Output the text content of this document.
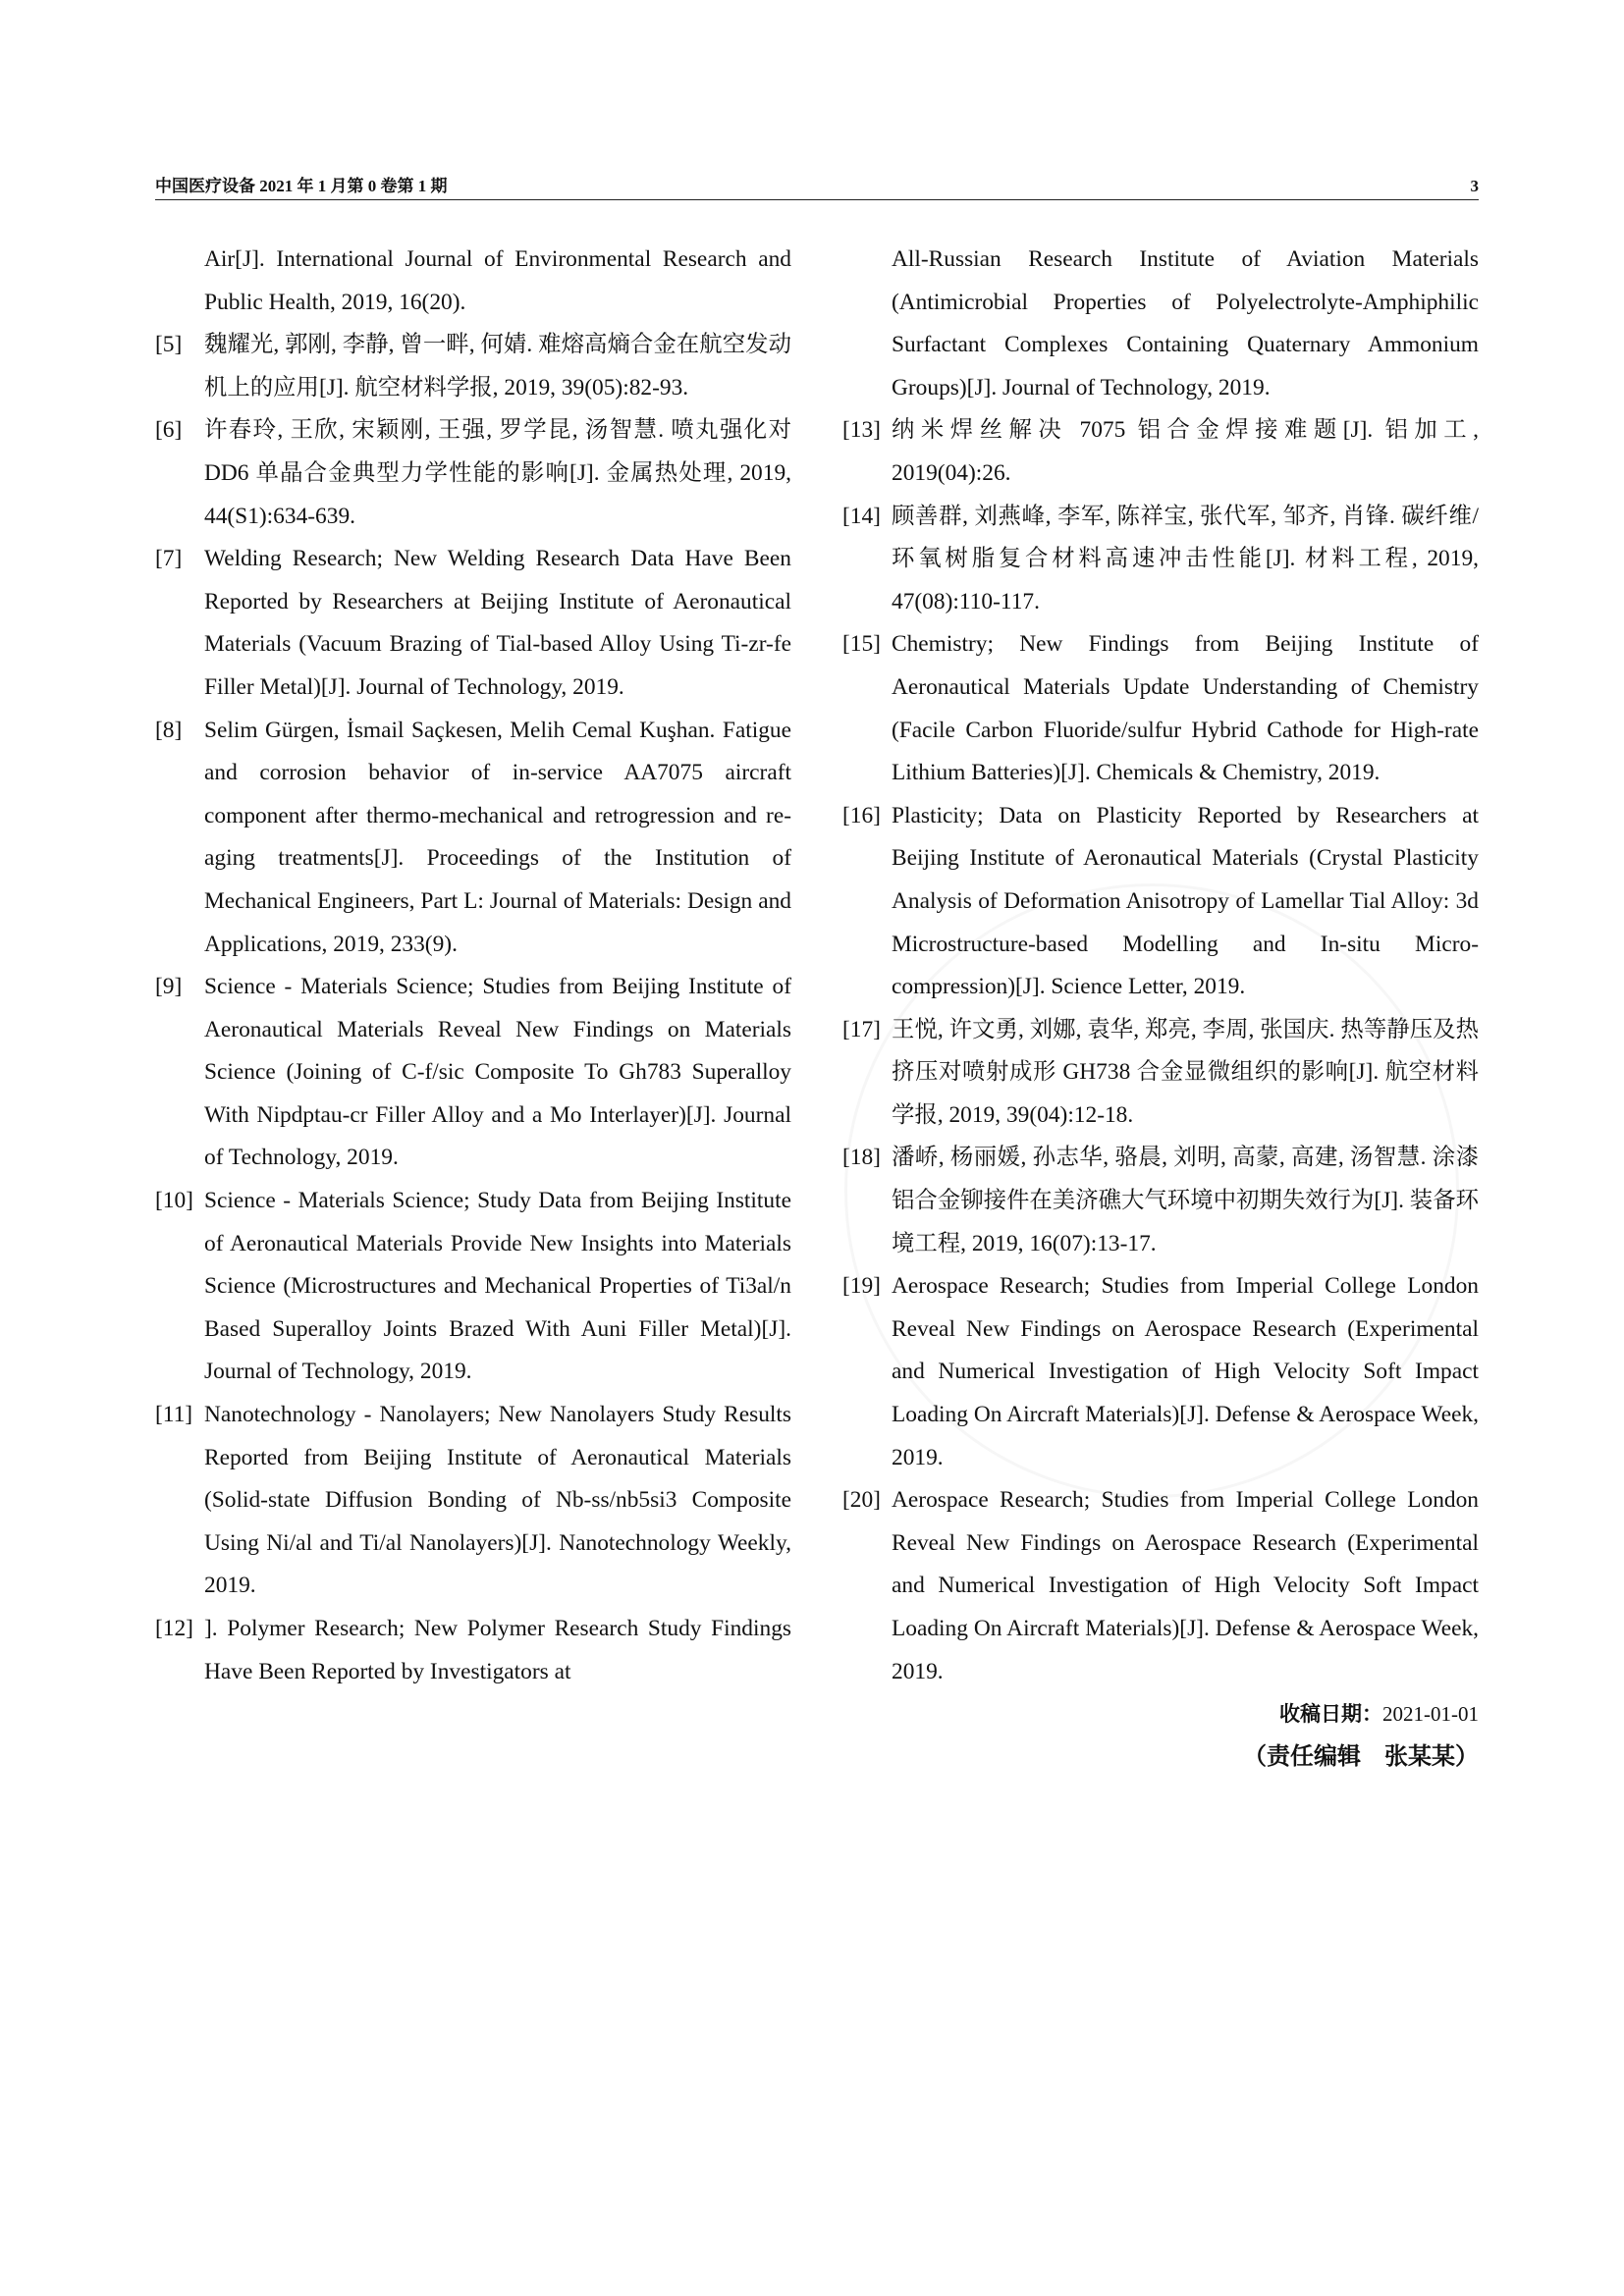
中国医疗设备 2021 年 1 月第 0 卷第 1 期	3

Air[J]. International Journal of Environmental Research and Public Health, 2019, 16(20).

[5] 魏耀光, 郭刚, 李静, 曾一畔, 何婧. 难熔高熵合金在航空发动机上的应用[J]. 航空材料学报, 2019, 39(05):82-93.

[6] 许春玲, 王欣, 宋颖刚, 王强, 罗学昆, 汤智慧. 喷丸强化对 DD6 单晶合金典型力学性能的影响[J]. 金属热处理, 2019, 44(S1):634-639.

[7] Welding Research; New Welding Research Data Have Been Reported by Researchers at Beijing Institute of Aeronautical Materials (Vacuum Brazing of Tial-based Alloy Using Ti-zr-fe Filler Metal)[J]. Journal of Technology, 2019.

[8] Selim Gürgen, İsmail Saçkesen, Melih Cemal Kuşhan. Fatigue and corrosion behavior of in-service AA7075 aircraft component after thermo-mechanical and retrogression and re-aging treatments[J]. Proceedings of the Institution of Mechanical Engineers, Part L: Journal of Materials: Design and Applications, 2019, 233(9).

[9] Science - Materials Science; Studies from Beijing Institute of Aeronautical Materials Reveal New Findings on Materials Science (Joining of C-f/sic Composite To Gh783 Superalloy With Nipdptau-cr Filler Alloy and a Mo Interlayer)[J]. Journal of Technology, 2019.

[10] Science - Materials Science; Study Data from Beijing Institute of Aeronautical Materials Provide New Insights into Materials Science (Microstructures and Mechanical Properties of Ti3al/n Based Superalloy Joints Brazed With Auni Filler Metal)[J]. Journal of Technology, 2019.

[11] Nanotechnology - Nanolayers; New Nanolayers Study Results Reported from Beijing Institute of Aeronautical Materials (Solid-state Diffusion Bonding of Nb-ss/nb5si3 Composite Using Ni/al and Ti/al Nanolayers)[J]. Nanotechnology Weekly, 2019.

[12] ]. Polymer Research; New Polymer Research Study Findings Have Been Reported by Investigators at

All-Russian Research Institute of Aviation Materials (Antimicrobial Properties of Polyelectrolyte-Amphiphilic Surfactant Complexes Containing Quaternary Ammonium Groups)[J]. Journal of Technology, 2019.

[13] 纳米焊丝解决 7075 铝合金焊接难题[J]. 铝加工, 2019(04):26.

[14] 顾善群, 刘燕峰, 李军, 陈祥宝, 张代军, 邹齐, 肖锋. 碳纤维/环氧树脂复合材料高速冲击性能[J]. 材料工程, 2019, 47(08):110-117.

[15] Chemistry; New Findings from Beijing Institute of Aeronautical Materials Update Understanding of Chemistry (Facile Carbon Fluoride/sulfur Hybrid Cathode for High-rate Lithium Batteries)[J]. Chemicals & Chemistry, 2019.

[16] Plasticity; Data on Plasticity Reported by Researchers at Beijing Institute of Aeronautical Materials (Crystal Plasticity Analysis of Deformation Anisotropy of Lamellar Tial Alloy: 3d Microstructure-based Modelling and In-situ Micro-compression)[J]. Science Letter, 2019.

[17] 王悦, 许文勇, 刘娜, 袁华, 郑亮, 李周, 张国庆. 热等静压及热挤压对喷射成形 GH738 合金显微组织的影响[J]. 航空材料学报, 2019, 39(04):12-18.

[18] 潘峤, 杨丽媛, 孙志华, 骆晨, 刘明, 高蒙, 高建, 汤智慧. 涂漆铝合金铆接件在美济礁大气环境中初期失效行为[J]. 装备环境工程, 2019, 16(07):13-17.

[19] Aerospace Research; Studies from Imperial College London Reveal New Findings on Aerospace Research (Experimental and Numerical Investigation of High Velocity Soft Impact Loading On Aircraft Materials)[J]. Defense & Aerospace Week, 2019.

[20] Aerospace Research; Studies from Imperial College London Reveal New Findings on Aerospace Research (Experimental and Numerical Investigation of High Velocity Soft Impact Loading On Aircraft Materials)[J]. Defense & Aerospace Week, 2019.

收稿日期：2021-01-01
（责任编辑　张某某）
